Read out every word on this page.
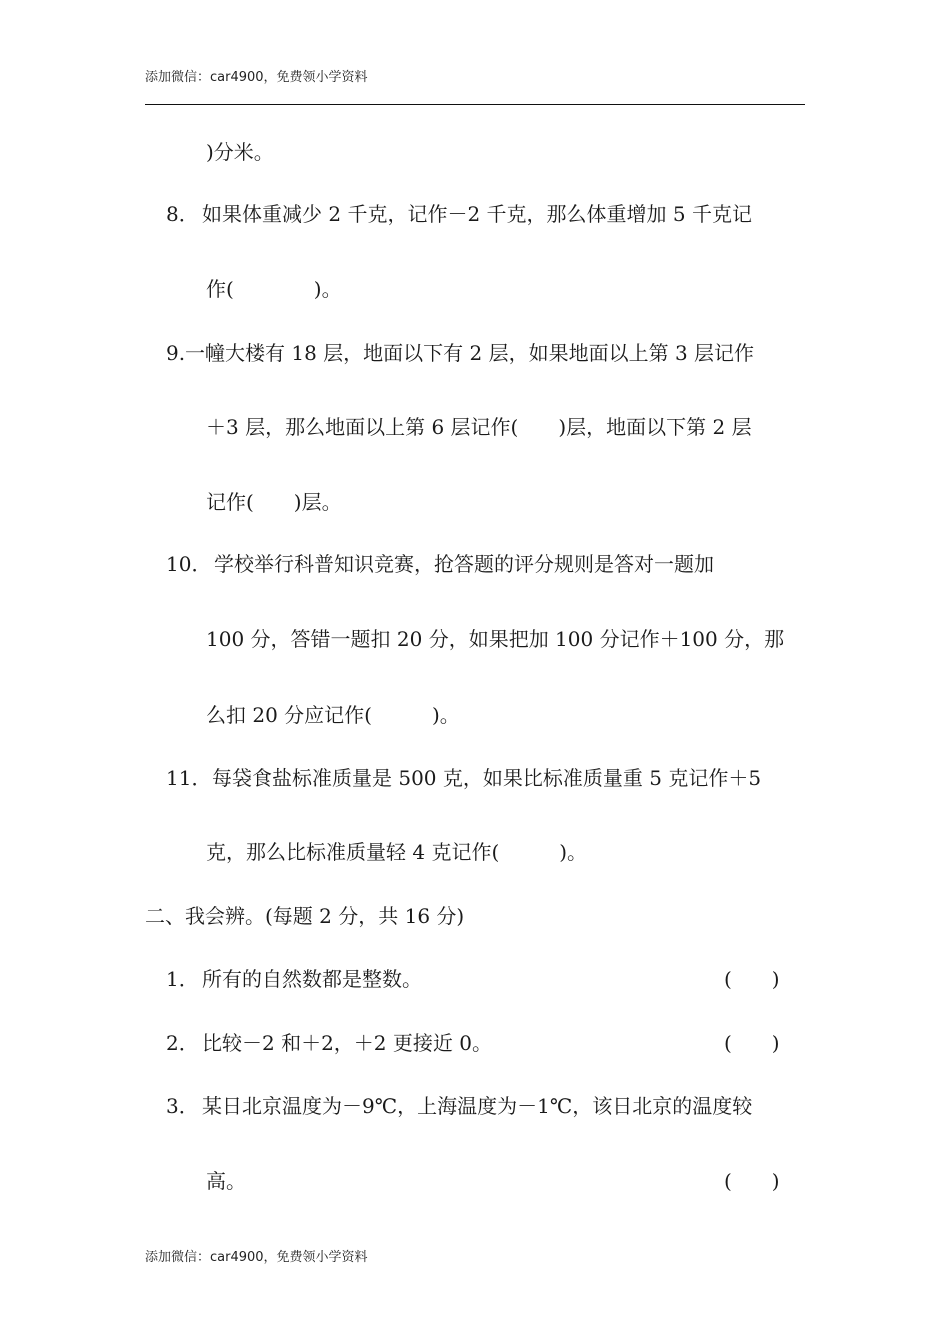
添加微信：car4900，免费领小学资料
)分米。
8． 如果体重减少 2 千克，记作－2 千克，那么体重增加 5 千克记
作(　　　　)。
9. 一幢大楼有 18 层，地面以下有 2 层，如果地面以上第 3 层记作
＋3 层，那么地面以上第 6 层记作(　　)层，地面以下第 2 层
记作(　　)层。
10． 学校举行科普知识竞赛，抢答题的评分规则是答对一题加
100 分，答错一题扣 20 分，如果把加 100 分记作＋100 分，那
么扣 20 分应记作(　　　)。
11． 每袋食盐标准质量是 500 克，如果比标准质量重 5 克记作＋5
克，那么比标准质量轻 4 克记作(　　　)。
二、我会辨。(每题 2 分，共 16 分)
1． 所有的自然数都是整数。	(　　)
2． 比较－2 和＋2，＋2 更接近 0。	(　　)
3． 某日北京温度为－9℃，上海温度为－1℃，该日北京的温度较
高。	(　　)
添加微信：car4900，免费领小学资料
